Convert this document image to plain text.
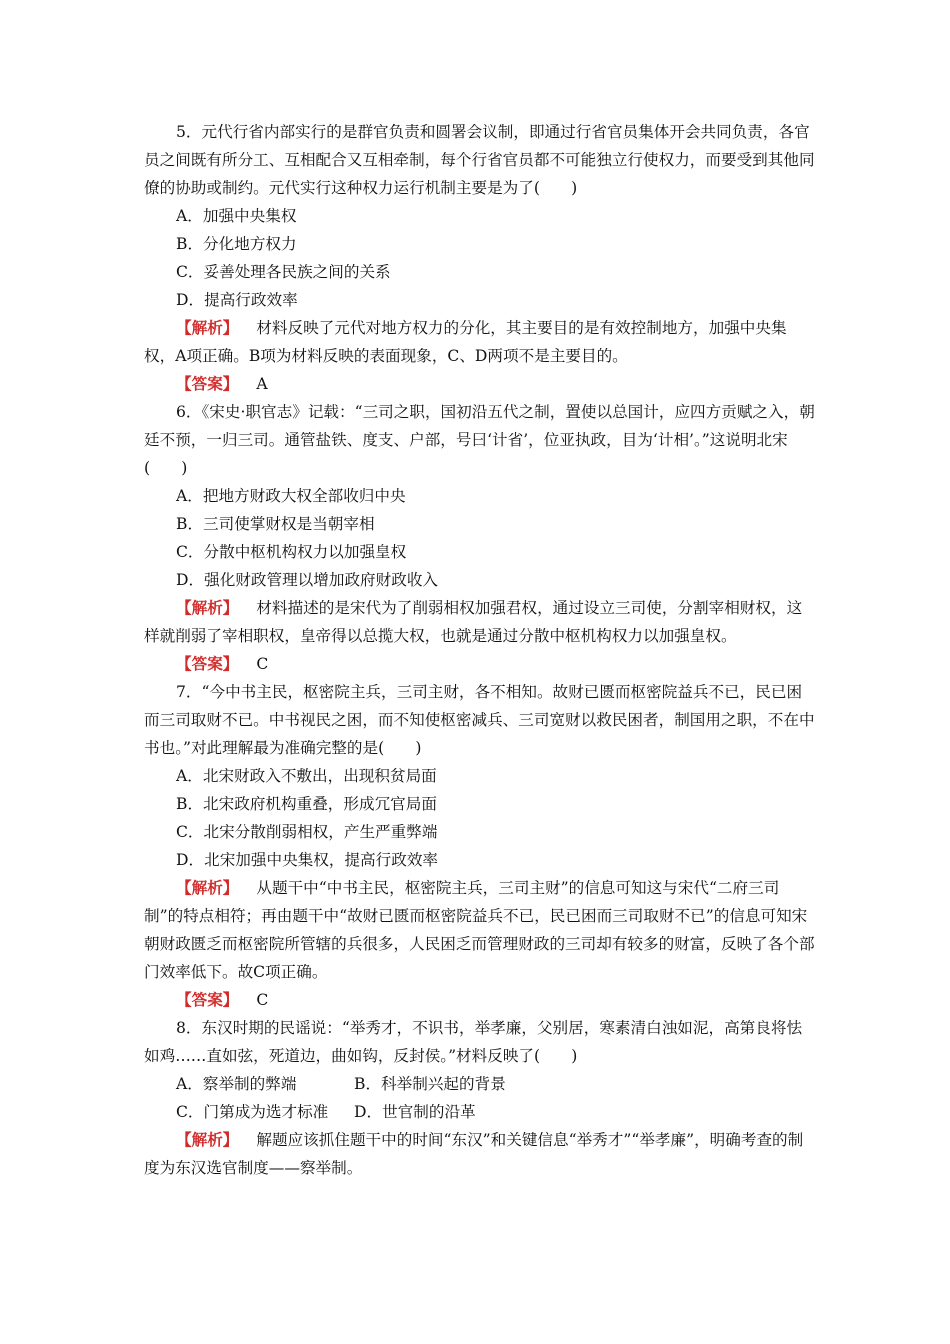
5．元代行省内部实行的是群官负责和圆署会议制，即通过行省官员集体开会共同负责，各官员之间既有所分工、互相配合又互相牵制，每个行省官员都不可能独立行使权力，而要受到其他同僚的协助或制约。元代实行这种权力运行机制主要是为了(　　)

A．加强中央集权

B．分化地方权力

C．妥善处理各民族之间的关系

D．提高行政效率

【解析】 材料反映了元代对地方权力的分化，其主要目的是有效控制地方，加强中央集权，A项正确。B项为材料反映的表面现象，C、D两项不是主要目的。

【答案】 A

6．《宋史·职官志》记载：“三司之职，国初沿五代之制，置使以总国计，应四方贡赋之入，朝廷不预，一归三司。通管盐铁、度支、户部，号曰‘计省’，位亚执政，目为‘计相’。”这说明北宋(　　)

A．把地方财政大权全部收归中央

B．三司使掌财权是当朝宰相

C．分散中枢机构权力以加强皇权

D．强化财政管理以增加政府财政收入

【解析】 材料描述的是宋代为了削弱相权加强君权，通过设立三司使，分割宰相财权，这样就削弱了宰相职权，皇帝得以总揽大权，也就是通过分散中枢机构权力以加强皇权。

【答案】 C

7．“今中书主民，枢密院主兵，三司主财，各不相知。故财已匮而枢密院益兵不已，民已困而三司取财不已。中书视民之困，而不知使枢密减兵、三司宽财以救民困者，制国用之职，不在中书也。”对此理解最为准确完整的是(　　)

A．北宋财政入不敷出，出现积贫局面

B．北宋政府机构重叠，形成冗官局面

C．北宋分散削弱相权，产生严重弊端

D．北宋加强中央集权，提高行政效率

【解析】 从题干中“中书主民，枢密院主兵，三司主财”的信息可知这与宋代“二府三司制”的特点相符；再由题干中“故财已匮而枢密院益兵不已，民已困而三司取财不已”的信息可知宋朝财政匮乏而枢密院所管辖的兵很多，人民困乏而管理财政的三司却有较多的财富，反映了各个部门效率低下。故C项正确。

【答案】 C

8．东汉时期的民谣说：“举秀才，不识书，举孝廉，父别居，寒素清白浊如泥，高第良将怯如鸡……直如弦，死道边，曲如钩，反封侯。”材料反映了(　　)

A．察举制的弊端	B．科举制兴起的背景

C．门第成为选才标准	D．世官制的沿革

【解析】 解题应该抓住题干中的时间“东汉”和关键信息“举秀才”“举孝廉”，明确考查的制度为东汉选官制度——察举制。
